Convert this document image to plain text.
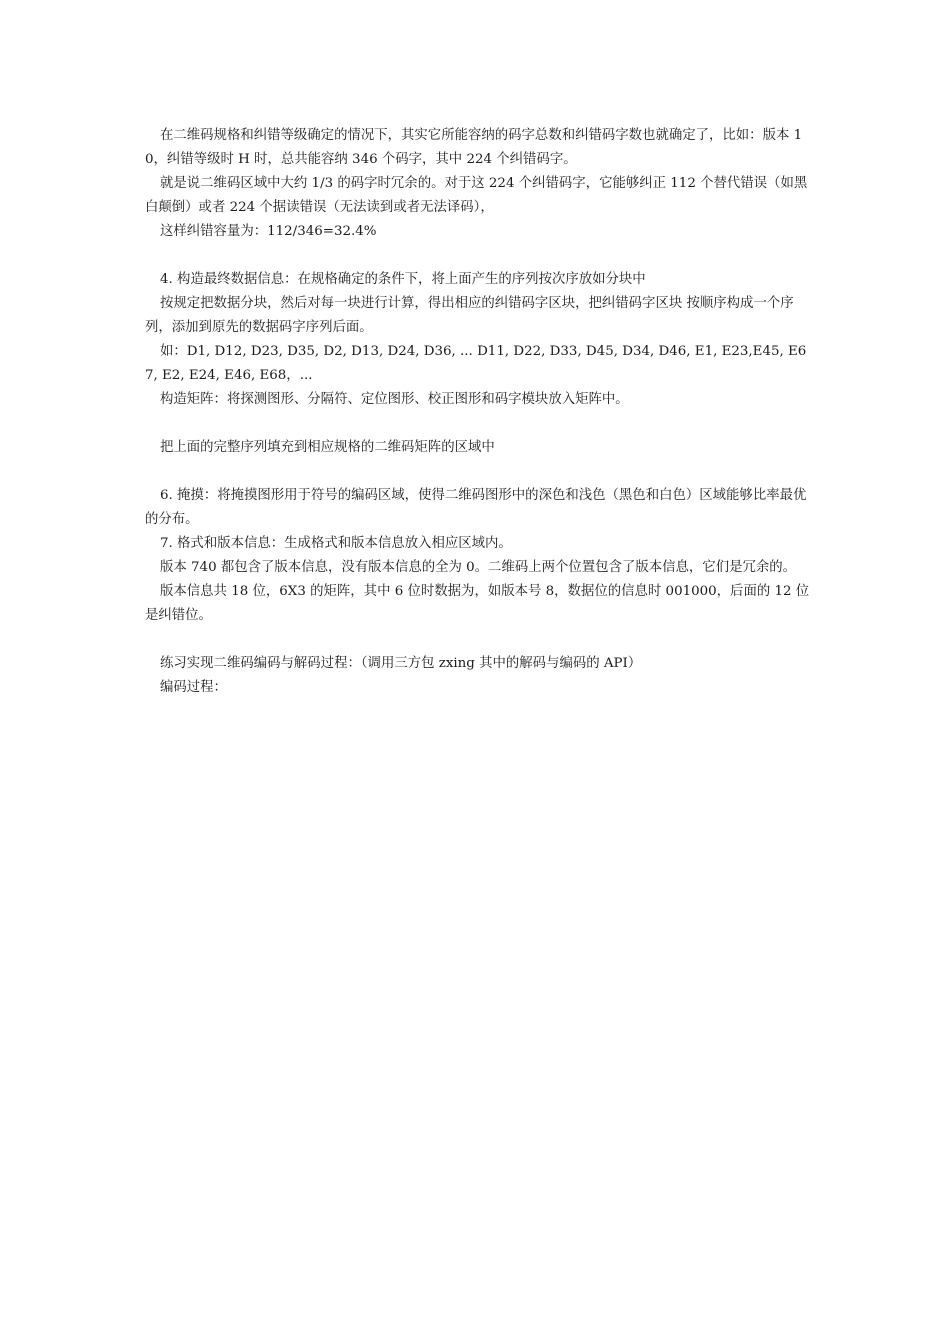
在二维码规格和纠错等级确定的情况下，其实它所能容纳的码字总数和纠错码字数也就确定了，比如：版本 10，纠错等级时 H 时，总共能容纳 346 个码字，其中 224 个纠错码字。

就是说二维码区域中大约 1/3 的码字时冗余的。对于这 224 个纠错码字，它能够纠正 112 个替代错误（如黑白颠倒）或者 224 个据读错误（无法读到或者无法译码），

这样纠错容量为：112/346=32.4%

4. 构造最终数据信息：在规格确定的条件下，将上面产生的序列按次序放如分块中

按规定把数据分块，然后对每一块进行计算，得出相应的纠错码字区块，把纠错码字区块 按顺序构成一个序列，添加到原先的数据码字序列后面。

如：D1, D12, D23, D35, D2, D13, D24, D36, ... D11, D22, D33, D45, D34, D46, E1, E23,E45, E67, E2, E24, E46, E68，...

构造矩阵：将探测图形、分隔符、定位图形、校正图形和码字模块放入矩阵中。

把上面的完整序列填充到相应规格的二维码矩阵的区域中

6. 掩摸：将掩摸图形用于符号的编码区域，使得二维码图形中的深色和浅色（黑色和白色）区域能够比率最优的分布。

7. 格式和版本信息：生成格式和版本信息放入相应区域内。

版本 740 都包含了版本信息，没有版本信息的全为 0。二维码上两个位置包含了版本信息，它们是冗余的。

版本信息共 18 位，6X3 的矩阵，其中 6 位时数据为，如版本号 8，数据位的信息时 001000，后面的 12 位是纠错位。

练习实现二维码编码与解码过程：（调用三方包 zxing 其中的解码与编码的 API）

编码过程：
